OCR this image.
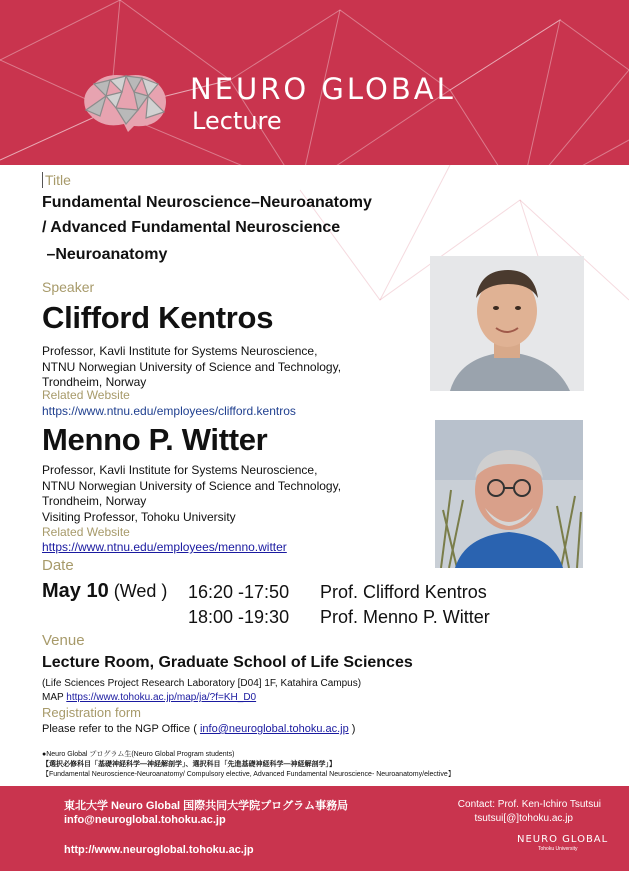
NEURO GLOBAL
Lecture
Title
Fundamental Neuroscience–Neuroanatomy
/ Advanced Fundamental Neuroscience
–Neuroanatomy
Speaker
Clifford Kentros
Professor, Kavli Institute for Systems Neuroscience,
NTNU Norwegian University of Science and Technology,
Trondheim, Norway
Related Website
https://www.ntnu.edu/employees/clifford.kentros
Menno P. Witter
Professor, Kavli Institute for Systems Neuroscience,
NTNU Norwegian University of Science and Technology,
Trondheim, Norway
Visiting Professor, Tohoku University
Related Website
https://www.ntnu.edu/employees/menno.witter
Date
May 10 (Wed ) 16:20 -17:50 Prof. Clifford Kentros
18:00 -19:30 Prof. Menno P. Witter
Venue
Lecture Room, Graduate School of Life Sciences
(Life Sciences Project Research Laboratory [D04] 1F, Katahira Campus)
MAP https://www.tohoku.ac.jp/map/ja/?f=KH_D0
Registration form
Please refer to the NGP Office ( info@neuroglobal.tohoku.ac.jp )
●Neuro Global プログラム生(Neuro Global Program students)
【選択必修科目「基礎神経科学―神経解剖学」、選択科目「先進基礎神経科学―神経解剖学」】
【Fundamental Neuroscience-Neuroanatomy/ Compulsory elective, Advanced Fundamental Neuroscience- Neuroanatomy/elective】
東北大学 Neuro Global 国際共同大学院プログラム事務局
info@neuroglobal.tohoku.ac.jp
http://www.neuroglobal.tohoku.ac.jp
Contact: Prof. Ken-Ichiro Tsutsui
tsutsui[@]tohoku.ac.jp
NEURO GLOBAL
Tohoku University
